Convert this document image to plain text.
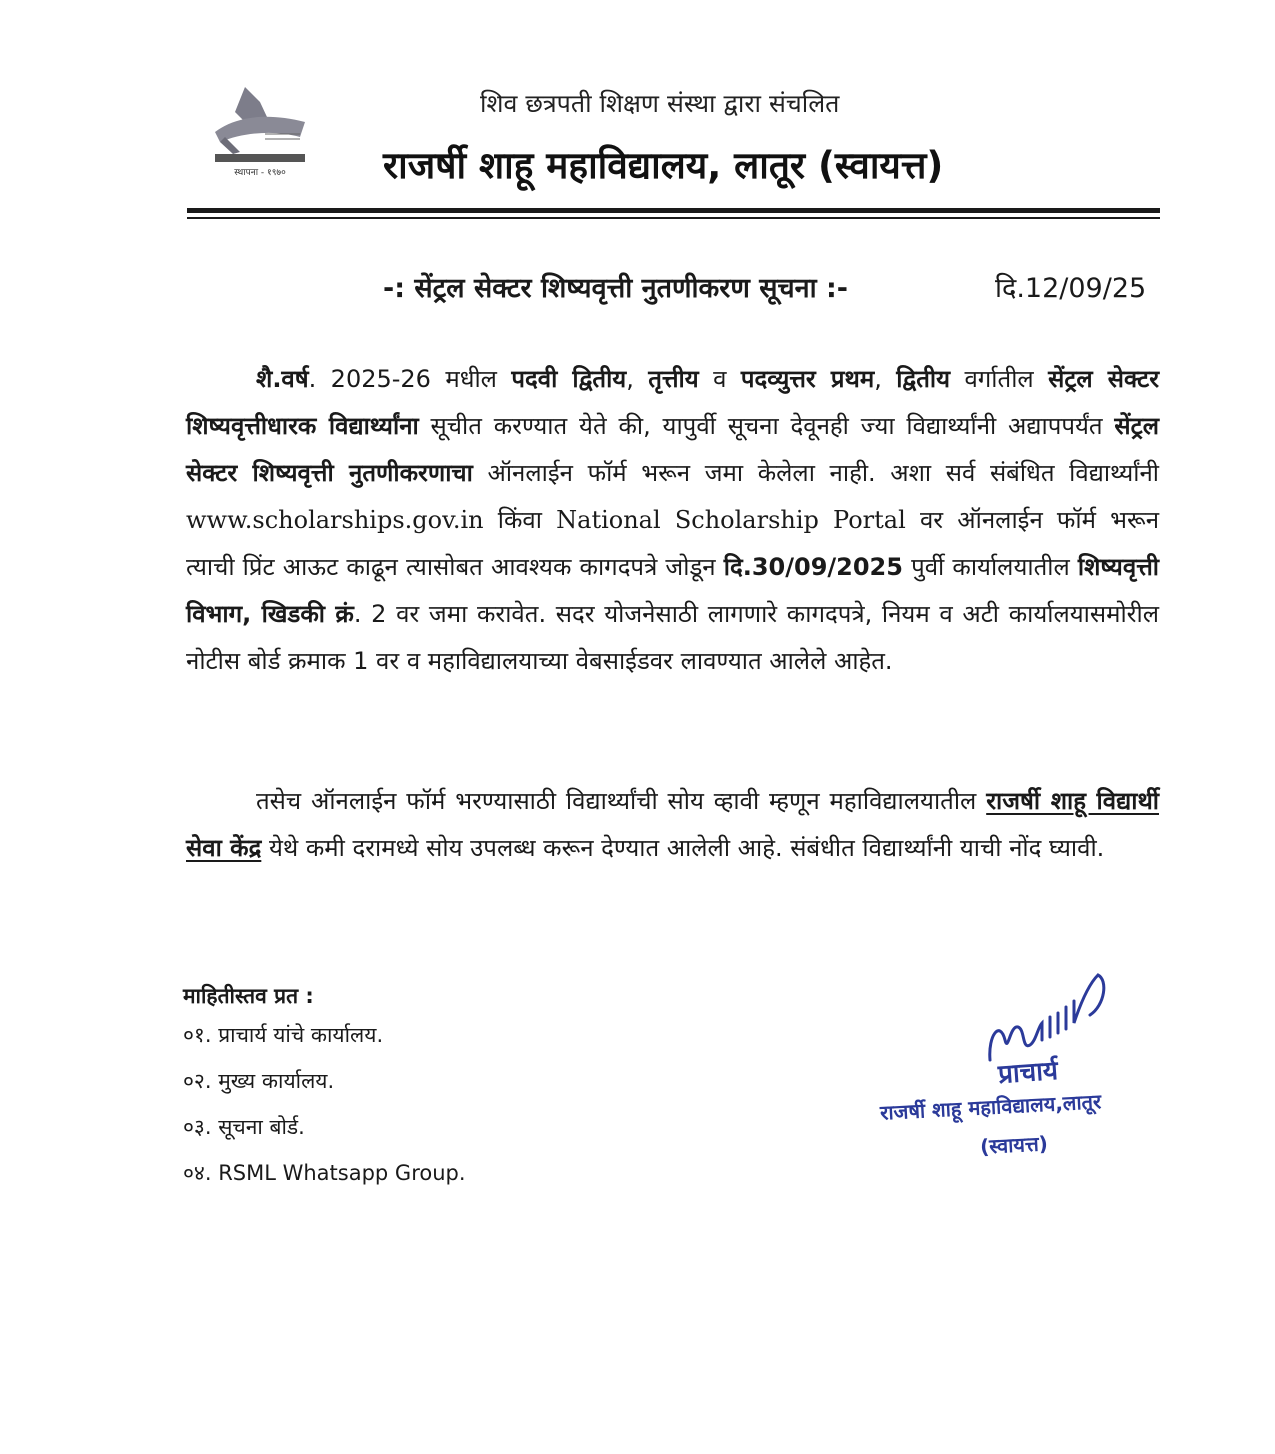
स्थापना - १९७०
शिव छत्रपती शिक्षण संस्था द्वारा संचलित
राजर्षी शाहू महाविद्यालय, लातूर (स्वायत्त)
-: सेंट्रल सेक्टर शिष्यवृत्ती नुतणीकरण सूचना :-	दि.12/09/25

शै.वर्ष. 2025-26 मधील पदवी द्वितीय, तृत्तीय व पदव्युत्तर प्रथम, द्वितीय वर्गातील सेंट्रल सेक्टर शिष्यवृत्तीधारक विद्यार्थ्यांना सूचीत करण्यात येते की, यापुर्वी सूचना देवूनही ज्या विद्यार्थ्यांनी अद्यापपर्यंत सेंट्रल सेक्टर शिष्यवृत्ती नुतणीकरणाचा ऑनलाईन फॉर्म भरून जमा केलेला नाही. अशा सर्व संबंधित विद्यार्थ्यांनी www.scholarships.gov.in किंवा National Scholarship Portal वर ऑनलाईन फॉर्म भरून त्याची प्रिंट आऊट काढून त्यासोबत आवश्यक कागदपत्रे जोडून दि.30/09/2025 पुर्वी कार्यालयातील शिष्यवृत्ती विभाग, खिडकी क्रं. 2 वर जमा करावेत. सदर योजनेसाठी लागणारे कागदपत्रे, नियम व अटी कार्यालयासमोरील नोटीस बोर्ड क्रमाक 1 वर व महाविद्यालयाच्या वेबसाईडवर लावण्यात आलेले आहेत.

तसेच ऑनलाईन फॉर्म भरण्यासाठी विद्यार्थ्यांची सोय व्हावी म्हणून महाविद्यालयातील राजर्षी शाहू विद्यार्थी सेवा केंद्र येथे कमी दरामध्ये सोय उपलब्ध करून देण्यात आलेली आहे. संबंधीत विद्यार्थ्यांनी याची नोंद घ्यावी.

माहितीस्तव प्रत :
०१. प्राचार्य यांचे कार्यालय.
०२. मुख्य कार्यालय.
०३. सूचना बोर्ड.
०४. RSML Whatsapp Group.
प्राचार्य
राजर्षी शाहू महाविद्यालय,लातूर
(स्वायत्त)
